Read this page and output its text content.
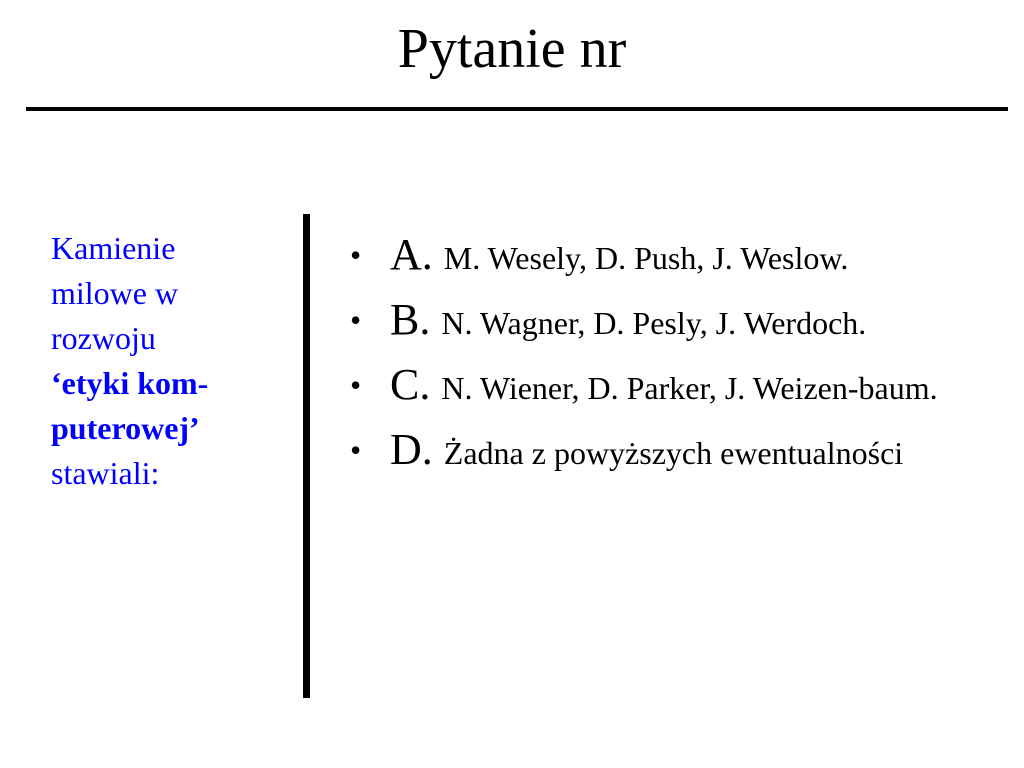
Pytanie nr
Kamienie
milowe w
rozwoju
‘etyki kom-
puterowej’
stawiali:
• A. M. Wesely, D. Push, J. Weslow.
• B. N. Wagner, D. Pesly, J. Werdoch.
• C. N. Wiener, D. Parker, J. Weizen-baum.
• D. Żadna z powyższych ewentualności
